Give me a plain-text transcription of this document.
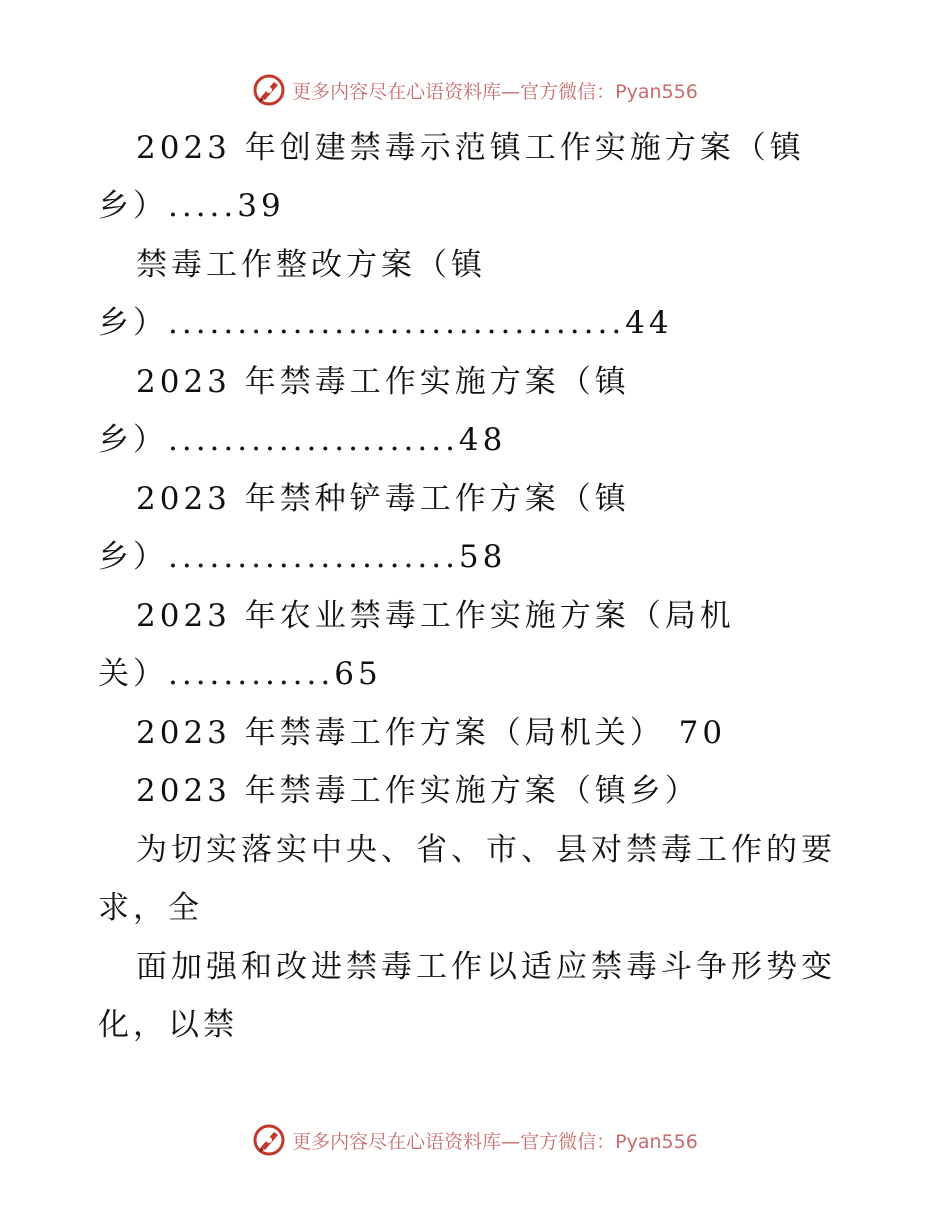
更多内容尽在心语资料库—官方微信：Pyan556
2023 年创建禁毒示范镇工作实施方案（镇
乡）.....39
禁毒工作整改方案（镇
乡）.................................44
2023 年禁毒工作实施方案（镇
乡）.....................48
2023 年禁种铲毒工作方案（镇
乡）.....................58
2023 年农业禁毒工作实施方案（局机
关）............65
2023 年禁毒工作方案（局机关） 70
2023 年禁毒工作实施方案（镇乡）
为切实落实中央、省、市、县对禁毒工作的要
求，全
面加强和改进禁毒工作以适应禁毒斗争形势变
化，以禁
更多内容尽在心语资料库—官方微信：Pyan556
